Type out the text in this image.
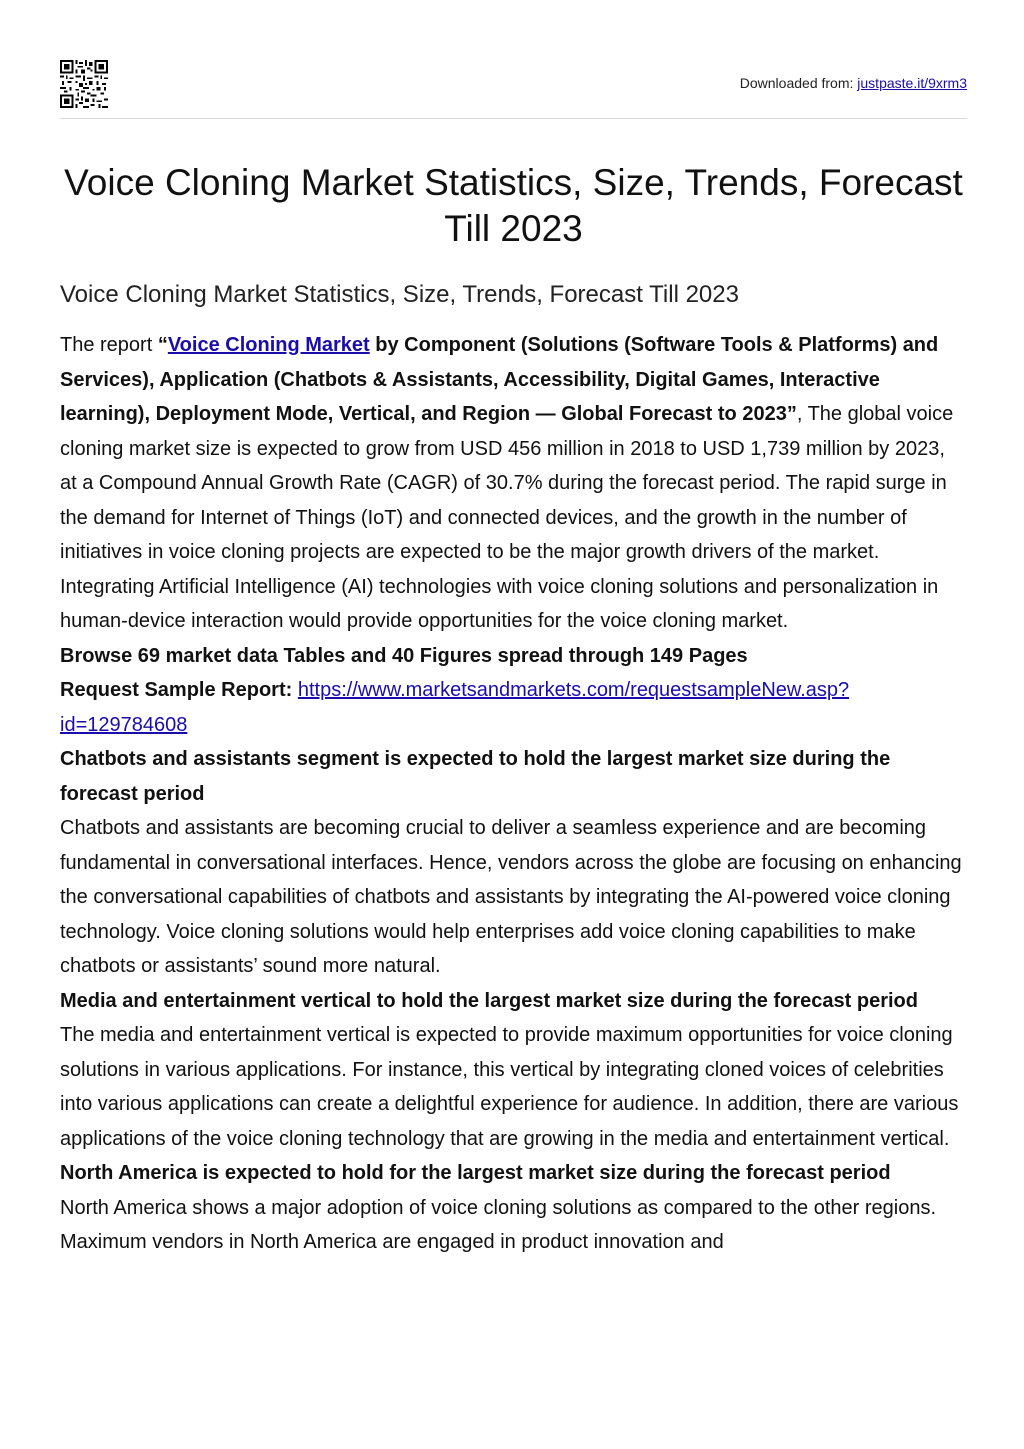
Downloaded from: justpaste.it/9xrm3
Voice Cloning Market Statistics, Size, Trends, Forecast Till 2023
Voice Cloning Market Statistics, Size, Trends, Forecast Till 2023

The report “Voice Cloning Market by Component (Solutions (Software Tools & Platforms) and Services), Application (Chatbots & Assistants, Accessibility, Digital Games, Interactive learning), Deployment Mode, Vertical, and Region — Global Forecast to 2023”, The global voice cloning market size is expected to grow from USD 456 million in 2018 to USD 1,739 million by 2023, at a Compound Annual Growth Rate (CAGR) of 30.7% during the forecast period. The rapid surge in the demand for Internet of Things (IoT) and connected devices, and the growth in the number of initiatives in voice cloning projects are expected to be the major growth drivers of the market. Integrating Artificial Intelligence (AI) technologies with voice cloning solutions and personalization in human-device interaction would provide opportunities for the voice cloning market.

Browse 69 market data Tables and 40 Figures spread through 149 Pages

Request Sample Report: https://www.marketsandmarkets.com/requestsampleNew.asp?
id=129784608

Chatbots and assistants segment is expected to hold the largest market size during the forecast period

Chatbots and assistants are becoming crucial to deliver a seamless experience and are becoming fundamental in conversational interfaces. Hence, vendors across the globe are focusing on enhancing the conversational capabilities of chatbots and assistants by integrating the AI-powered voice cloning technology. Voice cloning solutions would help enterprises add voice cloning capabilities to make chatbots or assistants’ sound more natural.

Media and entertainment vertical to hold the largest market size during the forecast period

The media and entertainment vertical is expected to provide maximum opportunities for voice cloning solutions in various applications. For instance, this vertical by integrating cloned voices of celebrities into various applications can create a delightful experience for audience. In addition, there are various applications of the voice cloning technology that are growing in the media and entertainment vertical.

North America is expected to hold for the largest market size during the forecast period

North America shows a major adoption of voice cloning solutions as compared to the other regions. Maximum vendors in North America are engaged in product innovation and
